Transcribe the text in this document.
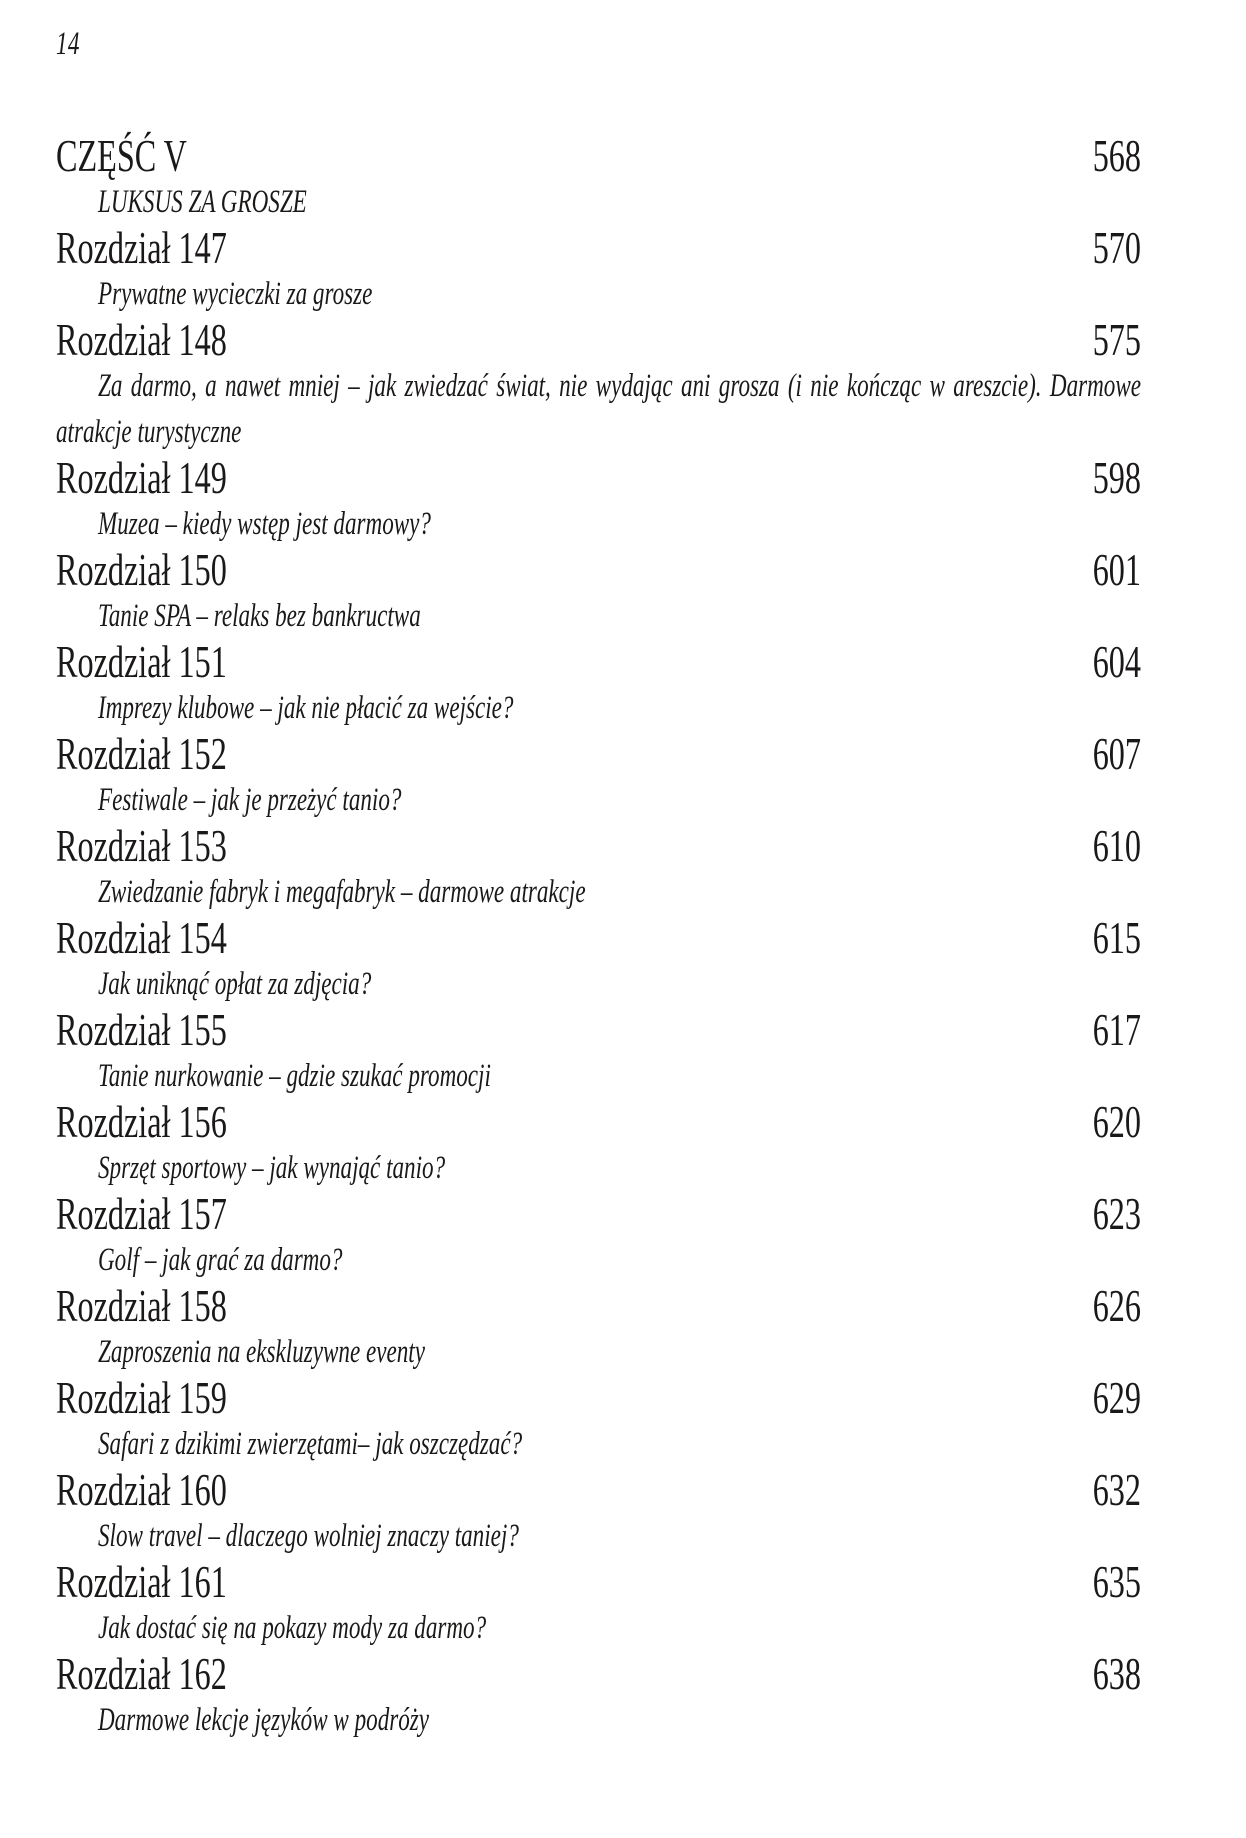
14
CZĘŚĆ V	568

LUKSUS ZA GROSZE

Rozdział 147	570

Prywatne wycieczki za grosze

Rozdział 148	575

Za darmo, a nawet mniej – jak zwiedzać świat, nie wydając ani grosza (i nie kończąc w areszcie). Darmowe atrakcje turystyczne

Rozdział 149	598

Muzea – kiedy wstęp jest darmowy?

Rozdział 150	601

Tanie SPA – relaks bez bankructwa

Rozdział 151	604

Imprezy klubowe – jak nie płacić za wejście?

Rozdział 152	607

Festiwale – jak je przeżyć tanio?

Rozdział 153	610

Zwiedzanie fabryk i megafabryk – darmowe atrakcje

Rozdział 154	615

Jak uniknąć opłat za zdjęcia?

Rozdział 155	617

Tanie nurkowanie – gdzie szukać promocji

Rozdział 156	620

Sprzęt sportowy – jak wynająć tanio?

Rozdział 157	623

Golf – jak grać za darmo?

Rozdział 158	626

Zaproszenia na ekskluzywne eventy

Rozdział 159	629

Safari z dzikimi zwierzętami– jak oszczędzać?

Rozdział 160	632

Slow travel – dlaczego wolniej znaczy taniej?

Rozdział 161	635

Jak dostać się na pokazy mody za darmo?

Rozdział 162	638

Darmowe lekcje języków w podróży
